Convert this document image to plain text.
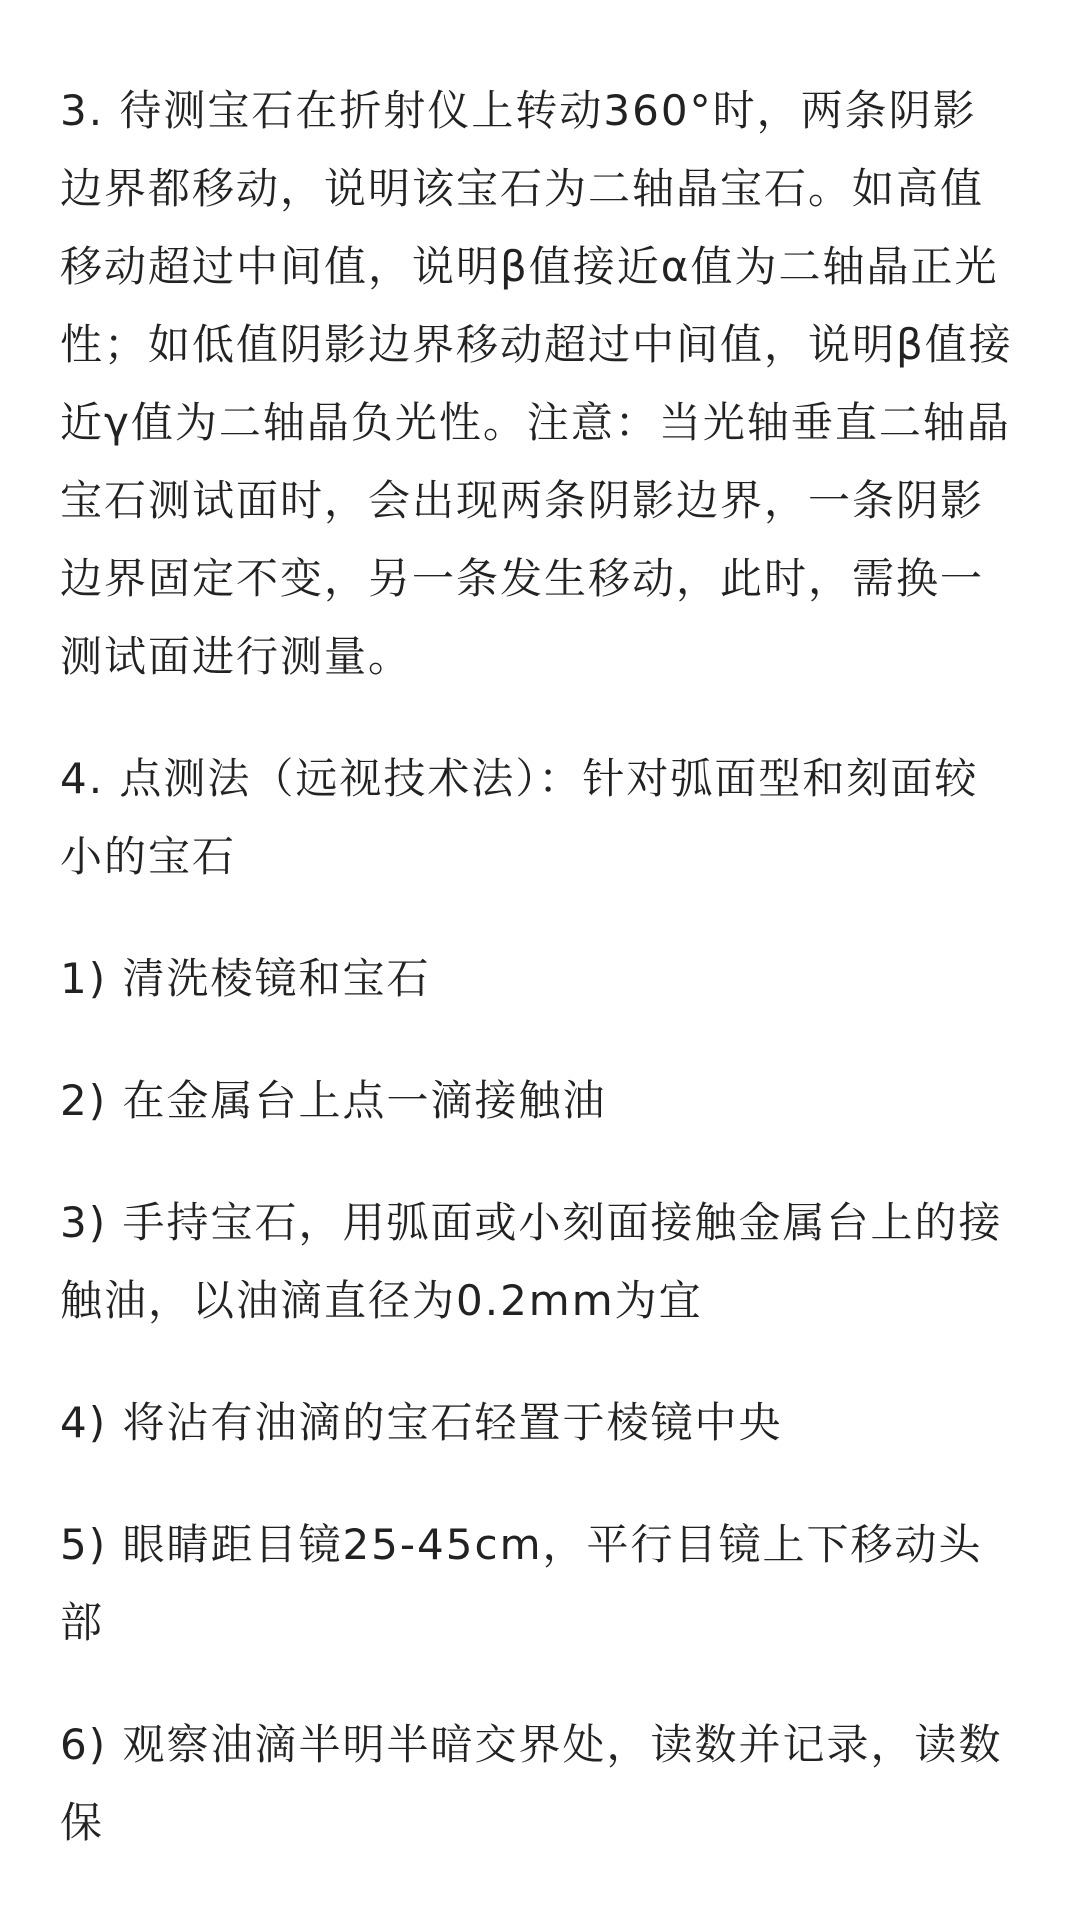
3. 待测宝石在折射仪上转动360°时，两条阴影边界都移动，说明该宝石为二轴晶宝石。如高值移动超过中间值，说明β值接近α值为二轴晶正光性；如低值阴影边界移动超过中间值，说明β值接近γ值为二轴晶负光性。注意：当光轴垂直二轴晶宝石测试面时，会出现两条阴影边界，一条阴影边界固定不变，另一条发生移动，此时，需换一测试面进行测量。

4. 点测法（远视技术法）：针对弧面型和刻面较小的宝石

1) 清洗棱镜和宝石

2) 在金属台上点一滴接触油

3) 手持宝石，用弧面或小刻面接触金属台上的接触油，以油滴直径为0.2mm为宜

4) 将沾有油滴的宝石轻置于棱镜中央

5) 眼睛距目镜25-45cm，平行目镜上下移动头部

6) 观察油滴半明半暗交界处，读数并记录，读数保
